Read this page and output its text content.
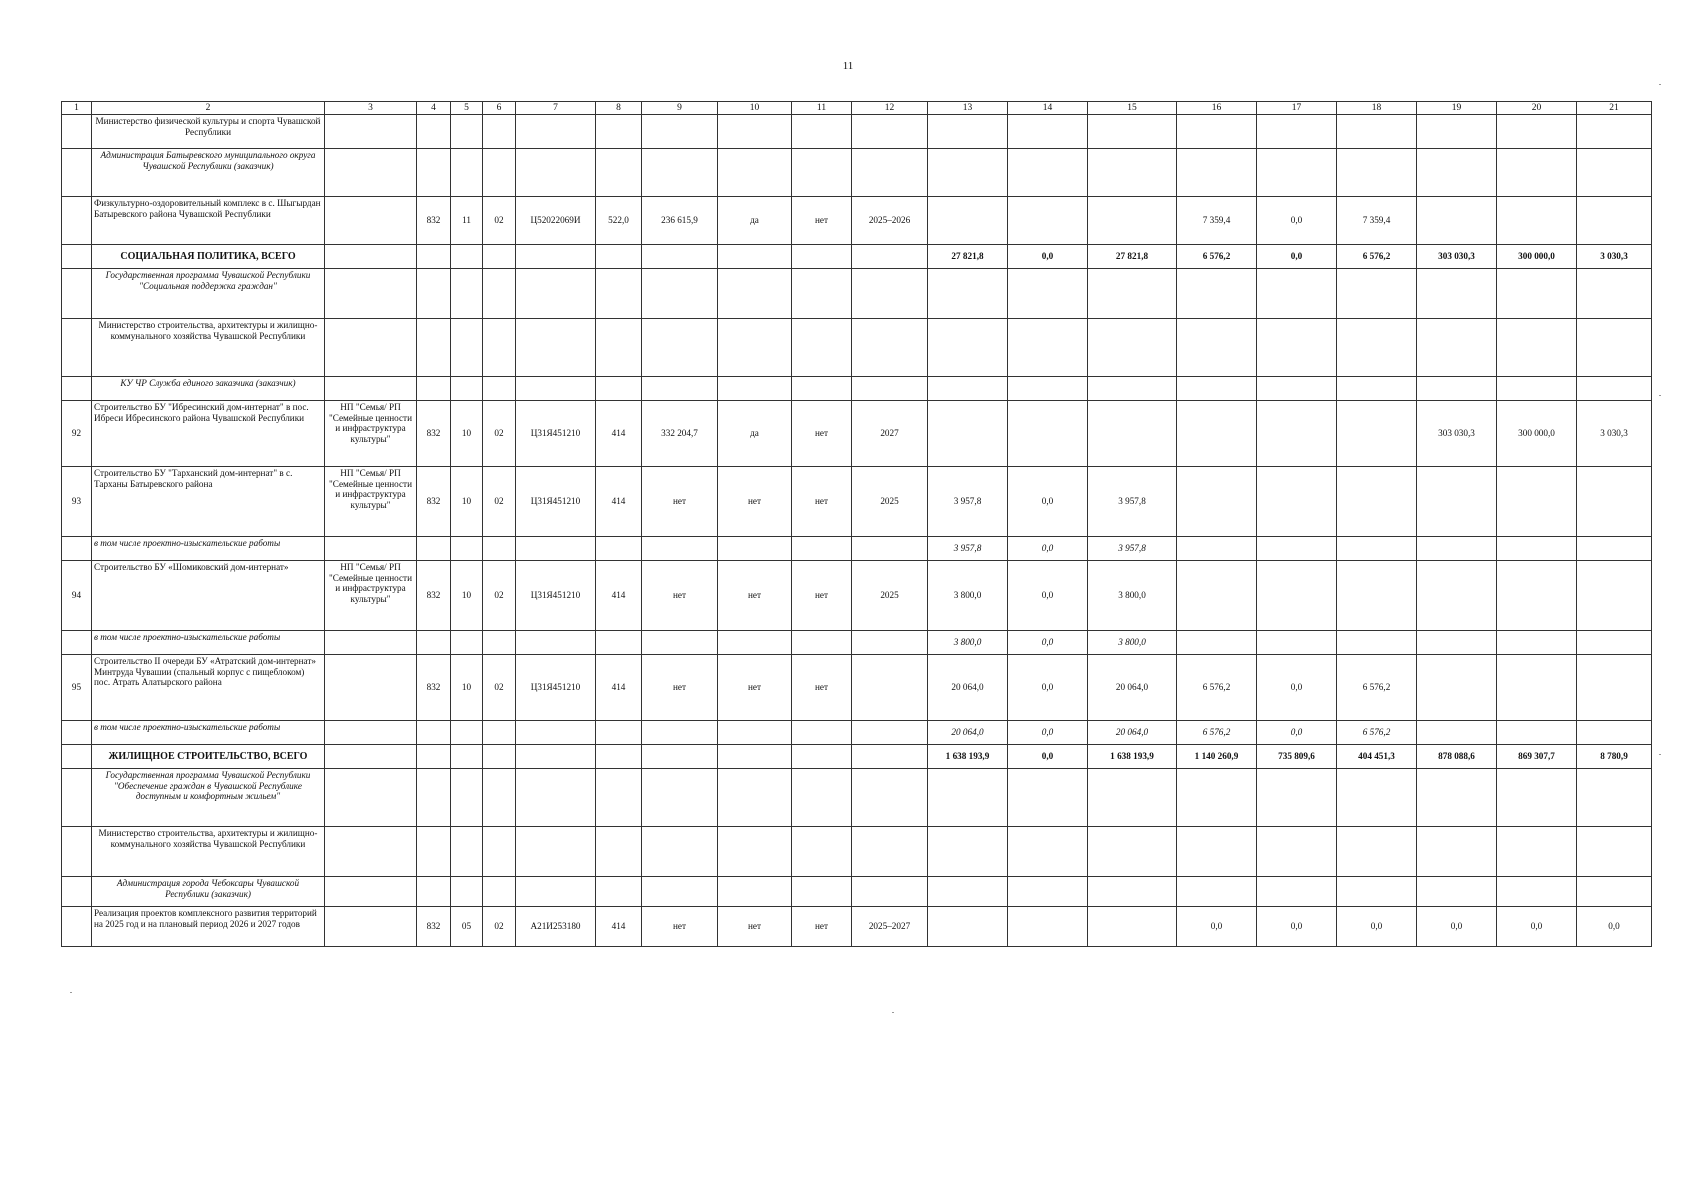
11
1	2	3	4	5	6	7	8	9	10	11	12	13	14	15	16	17	18	19	20	21
	Министерство физической культуры и спорта Чувашской Республики																			
	Администрация Батыревского муниципального округа Чувашской Республики (заказчик)																			
	Физкультурно-оздоровительный комплекс в с. Шыгырдан Батыревского района Чувашской Республики		832	11	02	Ц52022069И	522,0	236 615,9	да	нет	2025–2026				7 359,4	0,0	7 359,4			
	СОЦИАЛЬНАЯ ПОЛИТИКА, ВСЕГО											27 821,8	0,0	27 821,8	6 576,2	0,0	6 576,2	303 030,3	300 000,0	3 030,3
	Государственная программа Чувашской Республики "Социальная поддержка граждан"																			
	Министерство строительства, архитектуры и жилищно-коммунального хозяйства Чувашской Республики																			
	КУ ЧР Служба единого заказчика (заказчик)																			
92	Строительство БУ "Ибресинский дом-интернат" в пос. Ибреси Ибресинского района Чувашской Республики	НП "Семья/ РП "Семейные ценности и инфраструктура культуры"	832	10	02	Ц31Я451210	414	332 204,7	да	нет	2027							303 030,3	300 000,0	3 030,3
93	Строительство БУ "Тарханский дом-интернат" в с. Тарханы Батыревского района	НП "Семья/ РП "Семейные ценности и инфраструктура культуры"	832	10	02	Ц31Я451210	414	нет	нет	нет	2025	3 957,8	0,0	3 957,8						
	в том числе проектно-изыскательские работы											3 957,8	0,0	3 957,8						
94	Строительство БУ «Шомиковский дом-интернат»	НП "Семья/ РП "Семейные ценности и инфраструктура культуры"	832	10	02	Ц31Я451210	414	нет	нет	нет	2025	3 800,0	0,0	3 800,0						
	в том числе проектно-изыскательские работы											3 800,0	0,0	3 800,0						
95	Строительство II очереди БУ «Атратский дом-интернат» Минтруда Чувашии (спальный корпус с пищеблоком) пос. Атрать Алатырского района		832	10	02	Ц31Я451210	414	нет	нет	нет		20 064,0	0,0	20 064,0	6 576,2	0,0	6 576,2			
	в том числе проектно-изыскательские работы											20 064,0	0,0	20 064,0	6 576,2	0,0	6 576,2			
	ЖИЛИЩНОЕ СТРОИТЕЛЬСТВО, ВСЕГО											1 638 193,9	0,0	1 638 193,9	1 140 260,9	735 809,6	404 451,3	878 088,6	869 307,7	8 780,9
	Государственная программа Чувашской Республики "Обеспечение граждан в Чувашской Республике доступным и комфортным жильем"																			
	Министерство строительства, архитектуры и жилищно-коммунального хозяйства Чувашской Республики																			
	Администрация города Чебоксары Чувашской Республики (заказчик)																			
	Реализация проектов комплексного развития территорий на 2025 год и на плановый период 2026 и 2027 годов		832	05	02	А21И253180	414	нет	нет	нет	2025–2027				0,0	0,0	0,0	0,0	0,0	0,0
